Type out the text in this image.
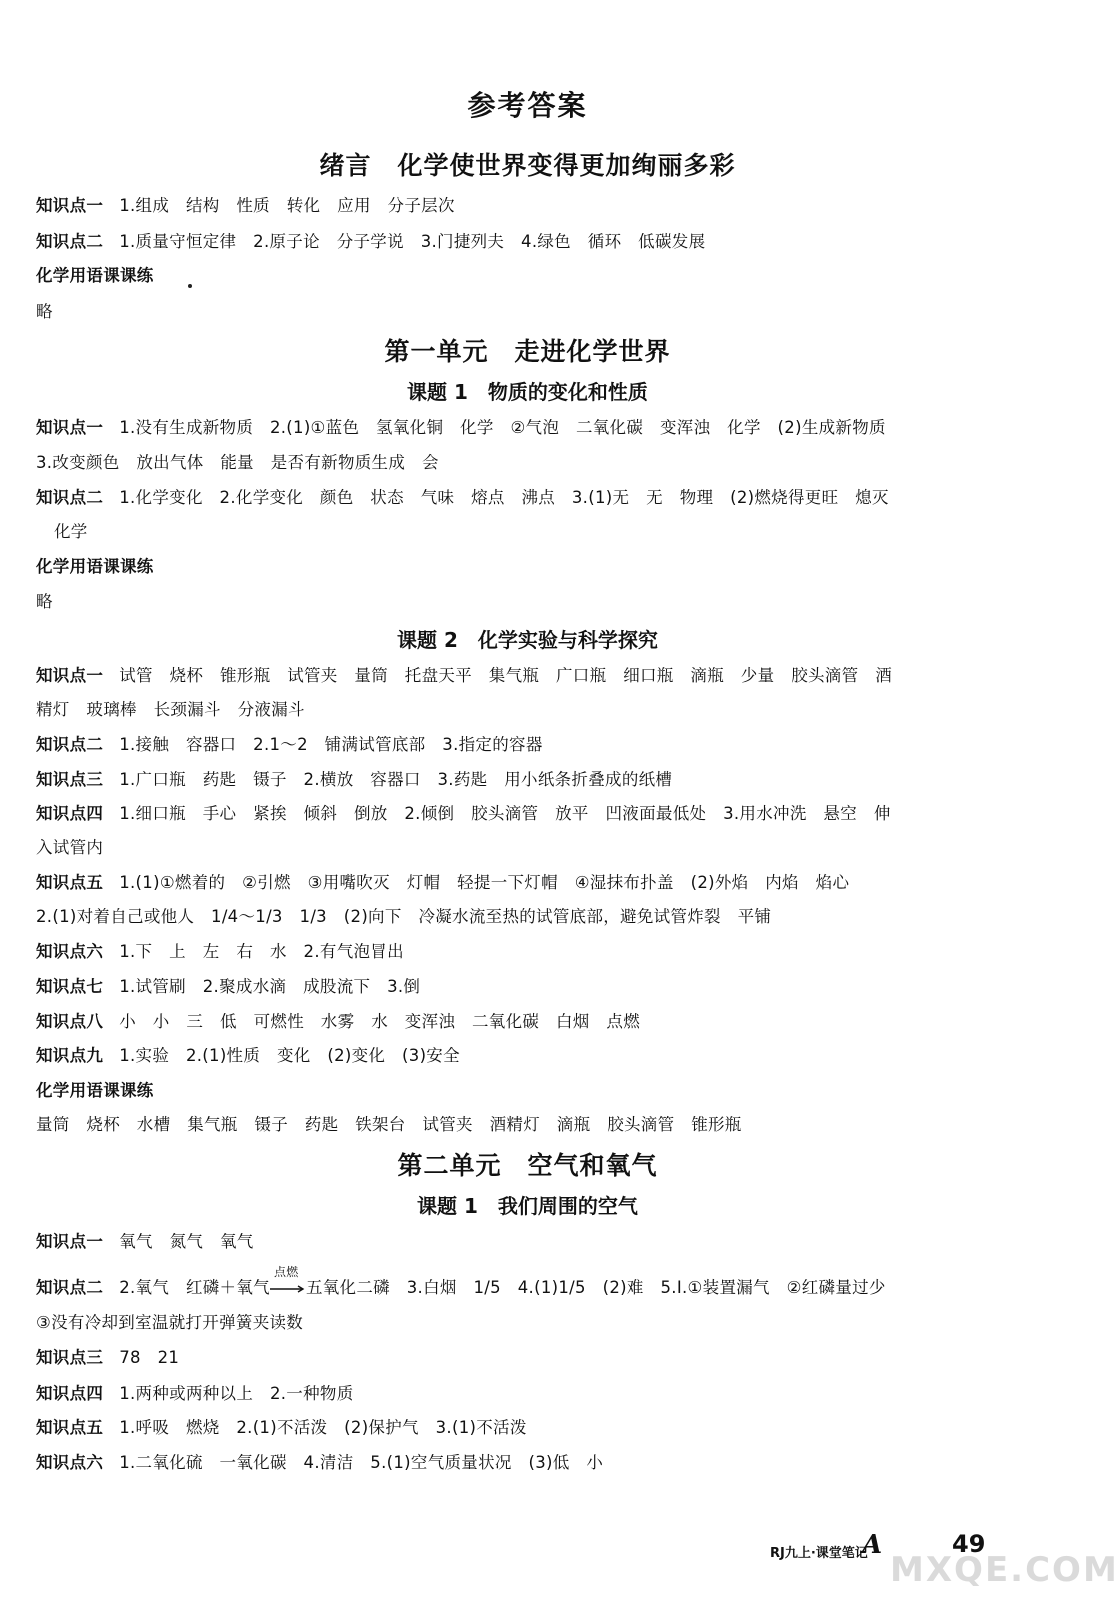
参考答案
绪言　化学使世界变得更加绚丽多彩
知识点一 1.组成　结构　性质　转化　应用　分子层次
知识点二 1.质量守恒定律　2.原子论　分子学说　3.门捷列夫　4.绿色　循环　低碳发展
化学用语课课练
略
第一单元　走进化学世界
课题 1　物质的变化和性质
知识点一 1.没有生成新物质　2.(1)①蓝色　氢氧化铜　化学　②气泡　二氧化碳　变浑浊　化学　(2)生成新物质
3.改变颜色　放出气体　能量　是否有新物质生成　会
知识点二 1.化学变化　2.化学变化　颜色　状态　气味　熔点　沸点　3.(1)无　无　物理　(2)燃烧得更旺　熄灭
化学
化学用语课课练
略
课题 2　化学实验与科学探究
知识点一 试管　烧杯　锥形瓶　试管夹　量筒　托盘天平　集气瓶　广口瓶　细口瓶　滴瓶　少量　胶头滴管　酒
精灯　玻璃棒　长颈漏斗　分液漏斗
知识点二 1.接触　容器口　2.1～2　铺满试管底部　3.指定的容器
知识点三 1.广口瓶　药匙　镊子　2.横放　容器口　3.药匙　用小纸条折叠成的纸槽
知识点四 1.细口瓶　手心　紧挨　倾斜　倒放　2.倾倒　胶头滴管　放平　凹液面最低处　3.用水冲洗　悬空　伸
入试管内
知识点五 1.(1)①燃着的　②引燃　③用嘴吹灭　灯帽　轻提一下灯帽　④湿抹布扑盖　(2)外焰　内焰　焰心
2.(1)对着自己或他人　1/4～1/3　1/3　(2)向下　冷凝水流至热的试管底部，避免试管炸裂　平铺
知识点六 1.下　上　左　右　水　2.有气泡冒出
知识点七 1.试管刷　2.聚成水滴　成股流下　3.倒
知识点八 小　小　三　低　可燃性　水雾　水　变浑浊　二氧化碳　白烟　点燃
知识点九 1.实验　2.(1)性质　变化　(2)变化　(3)安全
化学用语课课练
量筒　烧杯　水槽　集气瓶　镊子　药匙　铁架台　试管夹　酒精灯　滴瓶　胶头滴管　锥形瓶
第二单元　空气和氧气
课题 1　我们周围的空气
知识点一 氧气　氮气　氧气
知识点二 2.氧气　红磷＋氧气
点燃
五氧化二磷　3.白烟　1/5　4.(1)1/5　(2)难　5.Ⅰ.①装置漏气　②红磷量过少
③没有冷却到室温就打开弹簧夹读数
知识点三 78　21
知识点四 1.两种或两种以上　2.一种物质
知识点五 1.呼吸　燃烧　2.(1)不活泼　(2)保护气　3.(1)不活泼
知识点六 1.二氧化硫　一氧化碳　4.清洁　5.(1)空气质量状况　(3)低　小
RJ九上·课堂笔记
A	49
MXQE.COM
